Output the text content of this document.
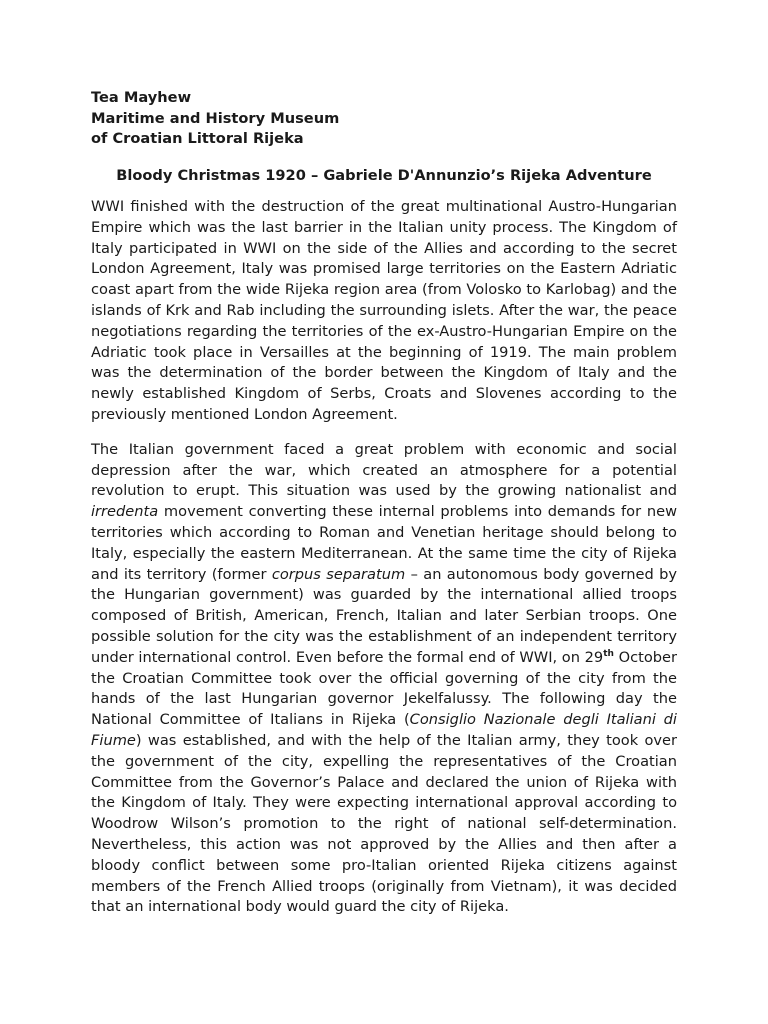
Tea Mayhew
Maritime and History Museum
of Croatian Littoral Rijeka
Bloody Christmas 1920 – Gabriele D'Annunzio’s Rijeka Adventure

WWI finished with the destruction of the great multinational Austro-Hungarian Empire which was the last barrier in the Italian unity process. The Kingdom of Italy participated in WWI on the side of the Allies and according to the secret London Agreement, Italy was promised large territories on the Eastern Adriatic coast apart from the wide Rijeka region area (from Volosko to Karlobag) and the islands of Krk and Rab including the surrounding islets. After the war, the peace negotiations regarding the territories of the ex-Austro-Hungarian Empire on the Adriatic took place in Versailles at the beginning of 1919. The main problem was the determination of the border between the Kingdom of Italy and the newly established Kingdom of Serbs, Croats and Slovenes according to the previously mentioned London Agreement.

The Italian government faced a great problem with economic and social depression after the war, which created an atmosphere for a potential revolution to erupt. This situation was used by the growing nationalist and irredenta movement converting these internal problems into demands for new territories which according to Roman and Venetian heritage should belong to Italy, especially the eastern Mediterranean. At the same time the city of Rijeka and its territory (former corpus separatum – an autonomous body governed by the Hungarian government) was guarded by the international allied troops composed of British, American, French, Italian and later Serbian troops. One possible solution for the city was the establishment of an independent territory under international control. Even before the formal end of WWI, on 29th October the Croatian Committee took over the official governing of the city from the hands of the last Hungarian governor Jekelfalussy. The following day the National Committee of Italians in Rijeka (Consiglio Nazionale degli Italiani di Fiume) was established, and with the help of the Italian army, they took over the government of the city, expelling the representatives of the Croatian Committee from the Governor’s Palace and declared the union of Rijeka with the Kingdom of Italy. They were expecting international approval according to Woodrow Wilson’s promotion to the right of national self-determination. Nevertheless, this action was not approved by the Allies and then after a bloody conflict between some pro-Italian oriented Rijeka citizens against members of the French Allied troops (originally from Vietnam), it was decided that an international body would guard the city of Rijeka.
